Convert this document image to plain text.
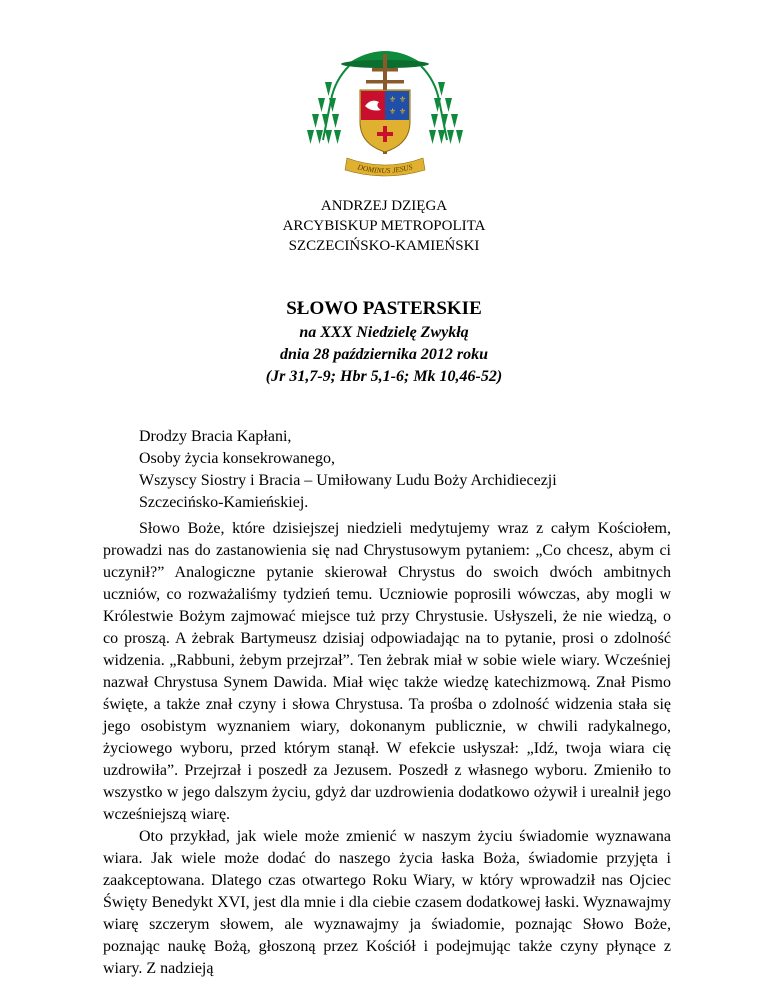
⚜ ⚜
⚜ ⚜
DOMINUS JESUS
ANDRZEJ DZIĘGA
ARCYBISKUP METROPOLITA
SZCZECIŃSKO-KAMIEŃSKI
SŁOWO PASTERSKIE
na XXX Niedzielę Zwykłą
dnia 28 października 2012 roku
(Jr 31,7-9; Hbr 5,1-6; Mk 10,46-52)
Drodzy Bracia Kapłani,
Osoby życia konsekrowanego,
Wszyscy Siostry i Bracia – Umiłowany Ludu Boży Archidiecezji
Szczecińsko-Kamieńskiej.

Słowo Boże, które dzisiejszej niedzieli medytujemy wraz z całym Kościołem, prowadzi nas do zastanowienia się nad Chrystusowym pytaniem: „Co chcesz, abym ci uczynił?” Analogiczne pytanie skierował Chrystus do swoich dwóch ambitnych uczniów, co rozważaliśmy tydzień temu. Uczniowie poprosili wówczas, aby mogli w Królestwie Bożym zajmować miejsce tuż przy Chrystusie. Usłyszeli, że nie wiedzą, o co proszą. A żebrak Bartymeusz dzisiaj odpowiadając na to pytanie, prosi o zdolność widzenia. „Rabbuni, żebym przejrzał”. Ten żebrak miał w sobie wiele wiary. Wcześniej nazwał Chrystusa Synem Dawida. Miał więc także wiedzę katechizmową. Znał Pismo święte, a także znał czyny i słowa Chrystusa. Ta prośba o zdolność widzenia stała się jego osobistym wyznaniem wiary, dokonanym publicznie, w chwili radykalnego, życiowego wyboru, przed którym stanął. W efekcie usłyszał: „Idź, twoja wiara cię uzdrowiła”. Przejrzał i poszedł za Jezusem. Poszedł z własnego wyboru. Zmieniło to wszystko w jego dalszym życiu, gdyż dar uzdrowienia dodatkowo ożywił i urealnił jego wcześniejszą wiarę.

Oto przykład, jak wiele może zmienić w naszym życiu świadomie wyznawana wiara. Jak wiele może dodać do naszego życia łaska Boża, świadomie przyjęta i zaakceptowana. Dlatego czas otwartego Roku Wiary, w który wprowadził nas Ojciec Święty Benedykt XVI, jest dla mnie i dla ciebie czasem dodatkowej łaski. Wyznawajmy wiarę szczerym słowem, ale wyznawajmy ja świadomie, poznając Słowo Boże, poznając naukę Bożą, głoszoną przez Kościół i podejmując także czyny płynące z wiary. Z nadzieją
